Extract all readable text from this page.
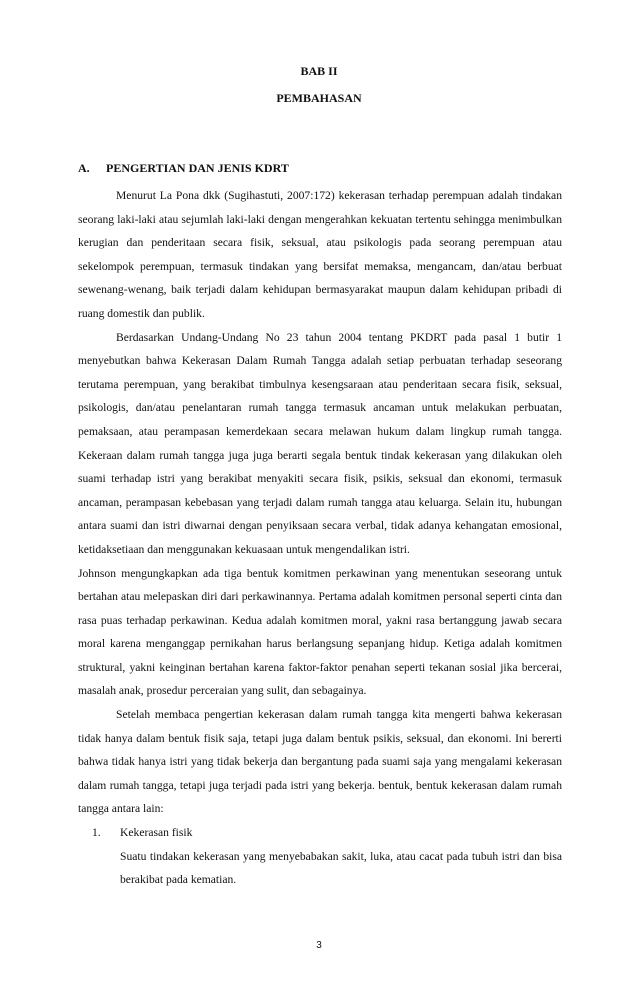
BAB II
PEMBAHASAN
A. PENGERTIAN DAN JENIS KDRT

Menurut La Pona dkk (Sugihastuti, 2007:172) kekerasan terhadap perempuan adalah tindakan seorang laki-laki atau sejumlah laki-laki dengan mengerahkan kekuatan tertentu sehingga menimbulkan kerugian dan penderitaan secara fisik, seksual, atau psikologis pada seorang perempuan atau sekelompok perempuan, termasuk tindakan yang bersifat memaksa, mengancam, dan/atau berbuat sewenang-wenang, baik terjadi dalam kehidupan bermasyarakat maupun dalam kehidupan pribadi di ruang domestik dan publik.

Berdasarkan Undang-Undang No 23 tahun 2004 tentang PKDRT pada pasal 1 butir 1 menyebutkan bahwa Kekerasan Dalam Rumah Tangga adalah setiap perbuatan terhadap seseorang terutama perempuan, yang berakibat timbulnya kesengsaraan atau penderitaan secara fisik, seksual, psikologis, dan/atau penelantaran rumah tangga termasuk ancaman untuk melakukan perbuatan, pemaksaan, atau perampasan kemerdekaan secara melawan hukum dalam lingkup rumah tangga. Kekeraan dalam rumah tangga juga juga berarti segala bentuk tindak kekerasan yang dilakukan oleh suami terhadap istri yang berakibat menyakiti secara fisik, psikis, seksual dan ekonomi, termasuk ancaman, perampasan kebebasan yang terjadi dalam rumah tangga atau keluarga. Selain itu, hubungan antara suami dan istri diwarnai dengan penyiksaan secara verbal, tidak adanya kehangatan emosional, ketidaksetiaan dan menggunakan kekuasaan untuk mengendalikan istri.

Johnson mengungkapkan ada tiga bentuk komitmen perkawinan yang menentukan seseorang untuk bertahan atau melepaskan diri dari perkawinannya. Pertama adalah komitmen personal seperti cinta dan rasa puas terhadap perkawinan. Kedua adalah komitmen moral, yakni rasa bertanggung jawab secara moral karena menganggap pernikahan harus berlangsung sepanjang hidup. Ketiga adalah komitmen struktural, yakni keinginan bertahan karena faktor-faktor penahan seperti tekanan sosial jika bercerai, masalah anak, prosedur perceraian yang sulit, dan sebagainya.

Setelah membaca pengertian kekerasan dalam rumah tangga kita mengerti bahwa kekerasan tidak hanya dalam bentuk fisik saja, tetapi juga dalam bentuk psikis, seksual, dan ekonomi. Ini bererti bahwa tidak hanya istri yang tidak bekerja dan bergantung pada suami saja yang mengalami kekerasan dalam rumah tangga, tetapi juga terjadi pada istri yang bekerja. bentuk, bentuk kekerasan dalam rumah tangga antara lain:

1. Kekerasan fisik

Suatu tindakan kekerasan yang menyebabakan sakit, luka, atau cacat pada tubuh istri dan bisa berakibat pada kematian.

3
